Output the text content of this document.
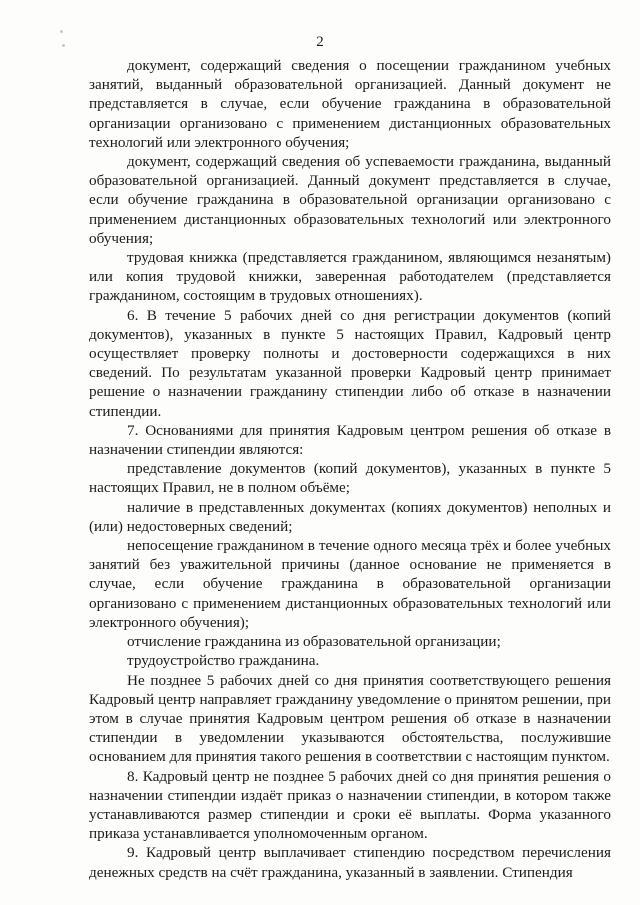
2

документ, содержащий сведения о посещении гражданином учебных занятий, выданный образовательной организацией. Данный документ не представляется в случае, если обучение гражданина в образовательной организации организовано с применением дистанционных образовательных технологий или электронного обучения;

документ, содержащий сведения об успеваемости гражданина, выданный образовательной организацией. Данный документ представляется в случае, если обучение гражданина в образовательной организации организовано с применением дистанционных образовательных технологий или электронного обучения;

трудовая книжка (представляется гражданином, являющимся незанятым) или копия трудовой книжки, заверенная работодателем (представляется гражданином, состоящим в трудовых отношениях).

6. В течение 5 рабочих дней со дня регистрации документов (копий документов), указанных в пункте 5 настоящих Правил, Кадровый центр осуществляет проверку полноты и достоверности содержащихся в них сведений. По результатам указанной проверки Кадровый центр принимает решение о назначении гражданину стипендии либо об отказе в назначении стипендии.

7. Основаниями для принятия Кадровым центром решения об отказе в назначении стипендии являются:

представление документов (копий документов), указанных в пункте 5 настоящих Правил, не в полном объёме;

наличие в представленных документах (копиях документов) неполных и (или) недостоверных сведений;

непосещение гражданином в течение одного месяца трёх и более учебных занятий без уважительной причины (данное основание не применяется в случае, если обучение гражданина в образовательной организации организовано с применением дистанционных образовательных технологий или электронного обучения);

отчисление гражданина из образовательной организации;

трудоустройство гражданина.

Не позднее 5 рабочих дней со дня принятия соответствующего решения Кадровый центр направляет гражданину уведомление о принятом решении, при этом в случае принятия Кадровым центром решения об отказе в назначении стипендии в уведомлении указываются обстоятельства, послужившие основанием для принятия такого решения в соответствии с настоящим пунктом.

8. Кадровый центр не позднее 5 рабочих дней со дня принятия решения о назначении стипендии издаёт приказ о назначении стипендии, в котором также устанавливаются размер стипендии и сроки её выплаты. Форма указанного приказа устанавливается уполномоченным органом.

9. Кадровый центр выплачивает стипендию посредством перечисления денежных средств на счёт гражданина, указанный в заявлении. Стипендия
